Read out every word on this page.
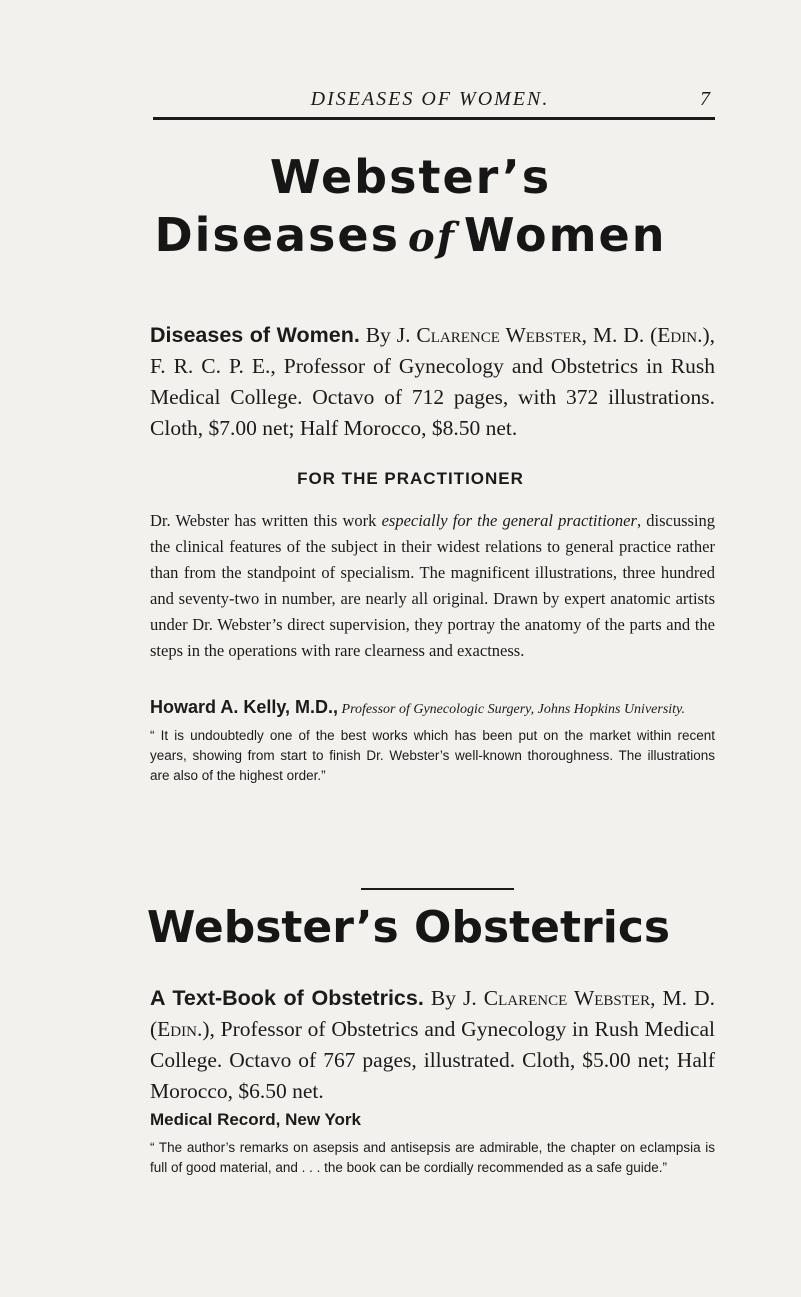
DISEASES OF WOMEN.	7
Webster’s
Diseases of Women
Diseases of Women. By J. Clarence Webster, M. D. (Edin.), F. R. C. P. E., Professor of Gynecology and Obstetrics in Rush Medical College. Octavo of 712 pages, with 372 illustrations. Cloth, $7.00 net; Half Morocco, $8.50 net.
FOR THE PRACTITIONER
Dr. Webster has written this work especially for the general practitioner, discussing the clinical features of the subject in their widest relations to general practice rather than from the standpoint of specialism. The magnificent illustrations, three hundred and seventy-two in number, are nearly all original. Drawn by expert anatomic artists under Dr. Webster’s direct supervision, they portray the anatomy of the parts and the steps in the operations with rare clearness and exactness.
Howard A. Kelly, M.D., Professor of Gynecologic Surgery, Johns Hopkins University.
“ It is undoubtedly one of the best works which has been put on the market within recent years, showing from start to finish Dr. Webster’s well-known thoroughness. The illustrations are also of the highest order.”
Webster’s Obstetrics
A Text-Book of Obstetrics. By J. Clarence Webster, M. D. (Edin.), Professor of Obstetrics and Gynecology in Rush Medical College. Octavo of 767 pages, illustrated. Cloth, $5.00 net; Half Morocco, $6.50 net.
Medical Record, New York
“ The author’s remarks on asepsis and antisepsis are admirable, the chapter on eclampsia is full of good material, and . . . the book can be cordially recommended as a safe guide.”
